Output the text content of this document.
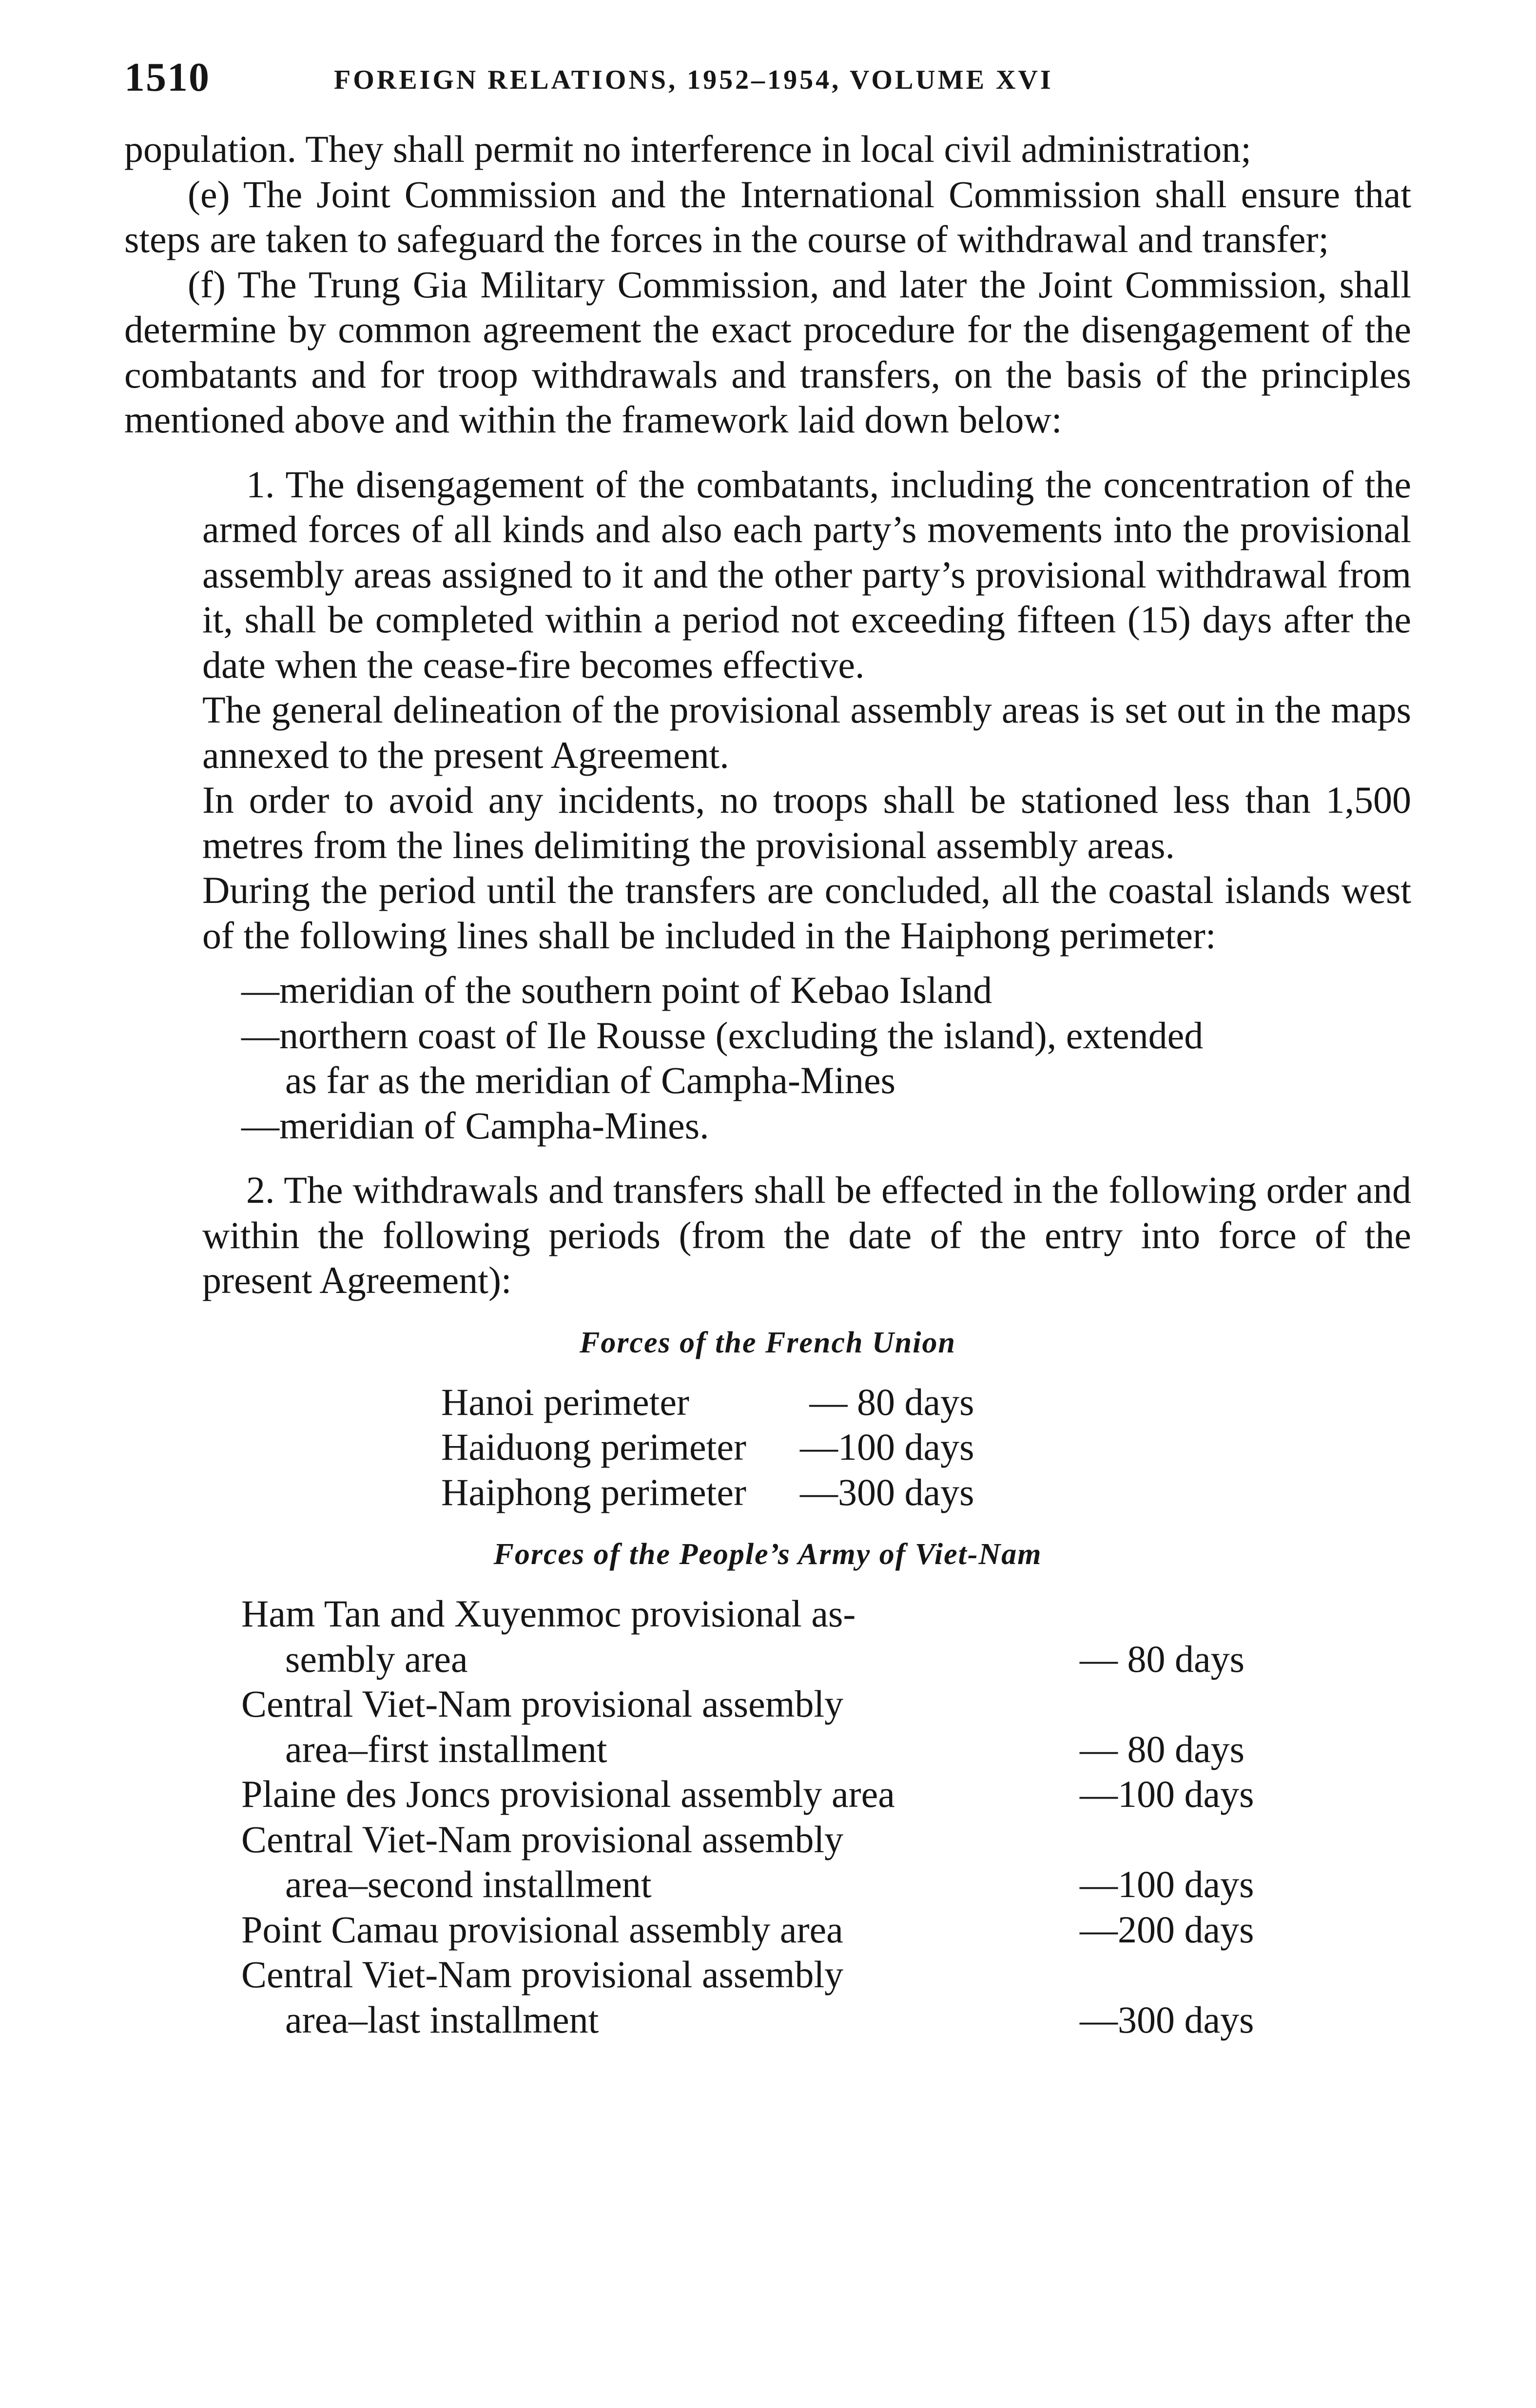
1510	FOREIGN RELATIONS, 1952–1954, VOLUME XVI

population. They shall permit no interference in local civil administration;

(e) The Joint Commission and the International Commission shall ensure that steps are taken to safeguard the forces in the course of withdrawal and transfer;

(f) The Trung Gia Military Commission, and later the Joint Commission, shall determine by common agreement the exact procedure for the disengagement of the combatants and for troop withdrawals and transfers, on the basis of the principles mentioned above and within the framework laid down below:

1. The disengagement of the combatants, including the concentration of the armed forces of all kinds and also each party’s movements into the provisional assembly areas assigned to it and the other party’s provisional withdrawal from it, shall be completed within a period not exceeding fifteen (15) days after the date when the cease-fire becomes effective.

The general delineation of the provisional assembly areas is set out in the maps annexed to the present Agreement.

In order to avoid any incidents, no troops shall be stationed less than 1,500 metres from the lines delimiting the provisional assembly areas.

During the period until the transfers are concluded, all the coastal islands west of the following lines shall be included in the Haiphong perimeter:

—meridian of the southern point of Kebao Island
—northern coast of Ile Rousse (excluding the island), extended
as far as the meridian of Campha-Mines
—meridian of Campha-Mines.

2. The withdrawals and transfers shall be effected in the following order and within the following periods (from the date of the entry into force of the present Agreement):

Forces of the French Union
Hanoi perimeter	— 80 days
Haiduong perimeter	—100 days
Haiphong perimeter	—300 days
Forces of the People’s Army of Viet-Nam
Ham Tan and Xuyenmoc provisional as-
sembly area	— 80 days
Central Viet-Nam provisional assembly
area–first installment	— 80 days
Plaine des Joncs provisional assembly area	—100 days
Central Viet-Nam provisional assembly
area–second installment	—100 days
Point Camau provisional assembly area	—200 days
Central Viet-Nam provisional assembly
area–last installment	—300 days
